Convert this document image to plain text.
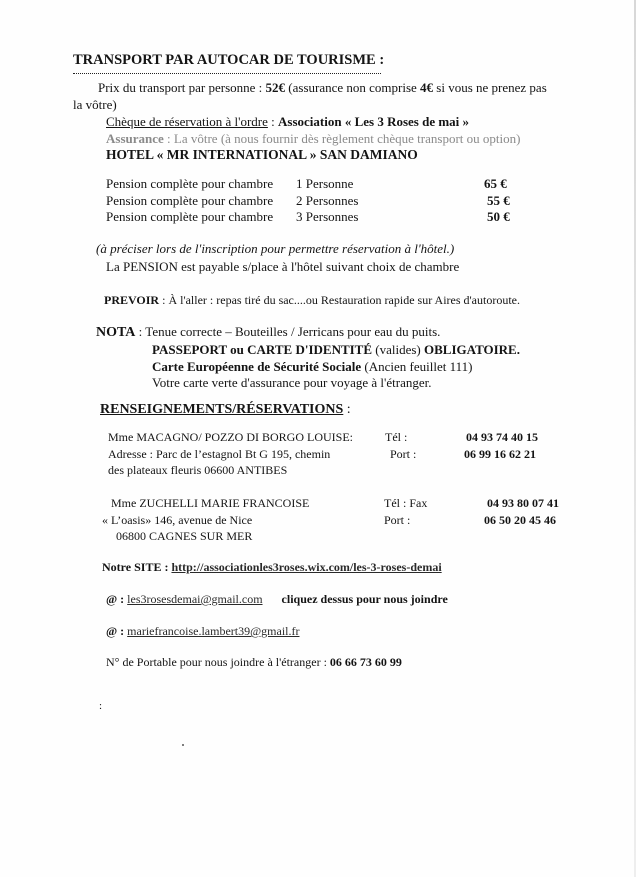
TRANSPORT PAR AUTOCAR DE TOURISME :
Prix du transport par personne : 52€ (assurance non comprise 4€ si vous ne prenez pas
la vôtre)
Chèque de réservation à l'ordre : Association « Les 3 Roses de mai »
Assurance : La vôtre (à nous fournir dès règlement chèque transport ou option)
HOTEL « MR INTERNATIONAL » SAN DAMIANO
Pension complète pour chambre 1 Personne	65 €
Pension complète pour chambre 2 Personnes	55 €
Pension complète pour chambre 3 Personnes	50 €
(à préciser lors de l'inscription pour permettre réservation à l'hôtel.)
La PENSION est payable s/place à l'hôtel suivant choix de chambre
PREVOIR : À l'aller : repas tiré du sac....ou Restauration rapide sur Aires d'autoroute.
NOTA : Tenue correcte – Bouteilles / Jerricans pour eau du puits.
PASSEPORT ou CARTE D'IDENTITÉ (valides) OBLIGATOIRE.
Carte Européenne de Sécurité Sociale (Ancien feuillet 111)
Votre carte verte d'assurance pour voyage à l'étranger.
RENSEIGNEMENTS/RÉSERVATIONS :
Mme MACAGNO/ POZZO DI BORGO LOUISE:	Tél :	04 93 74 40 15
Adresse : Parc de l’estagnol Bt G 195, chemin	Port :	06 99 16 62 21
des plateaux fleuris 06600 ANTIBES
Mme ZUCHELLI MARIE FRANCOISE	Tél : Fax	04 93 80 07 41
« L’oasis» 146, avenue de Nice	Port :	06 50 20 45 46
06800 CAGNES SUR MER
Notre SITE : http://associationles3roses.wix.com/les-3-roses-demai
@ : les3rosesdemai@gmail.com cliquez dessus pour nous joindre
@ : mariefrancoise.lambert39@gmail.fr
N° de Portable pour nous joindre à l'étranger : 06 66 73 60 99
:
